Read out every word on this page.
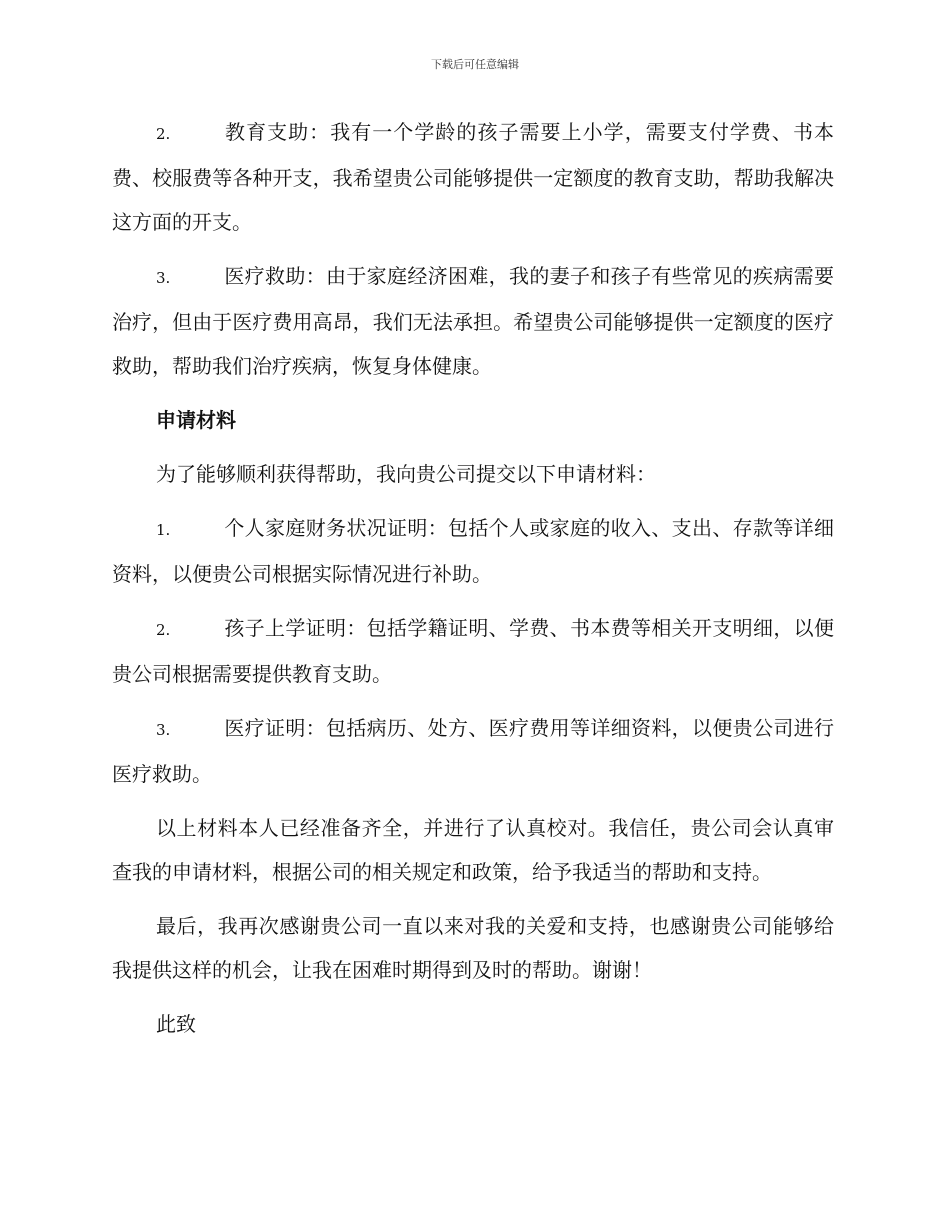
下载后可任意编辑

2.	教育支助：我有一个学龄的孩子需要上小学，需要支付学费、书本费、校服费等各种开支，我希望贵公司能够提供一定额度的教育支助，帮助我解决这方面的开支。

3.	医疗救助：由于家庭经济困难，我的妻子和孩子有些常见的疾病需要治疗，但由于医疗费用高昂，我们无法承担。希望贵公司能够提供一定额度的医疗救助，帮助我们治疗疾病，恢复身体健康。

申请材料

为了能够顺利获得帮助，我向贵公司提交以下申请材料：

1.	个人家庭财务状况证明：包括个人或家庭的收入、支出、存款等详细资料，以便贵公司根据实际情况进行补助。

2.	孩子上学证明：包括学籍证明、学费、书本费等相关开支明细，以便贵公司根据需要提供教育支助。

3.	医疗证明：包括病历、处方、医疗费用等详细资料，以便贵公司进行医疗救助。

以上材料本人已经准备齐全，并进行了认真校对。我信任，贵公司会认真审查我的申请材料，根据公司的相关规定和政策，给予我适当的帮助和支持。

最后，我再次感谢贵公司一直以来对我的关爱和支持，也感谢贵公司能够给我提供这样的机会，让我在困难时期得到及时的帮助。谢谢！

此致
